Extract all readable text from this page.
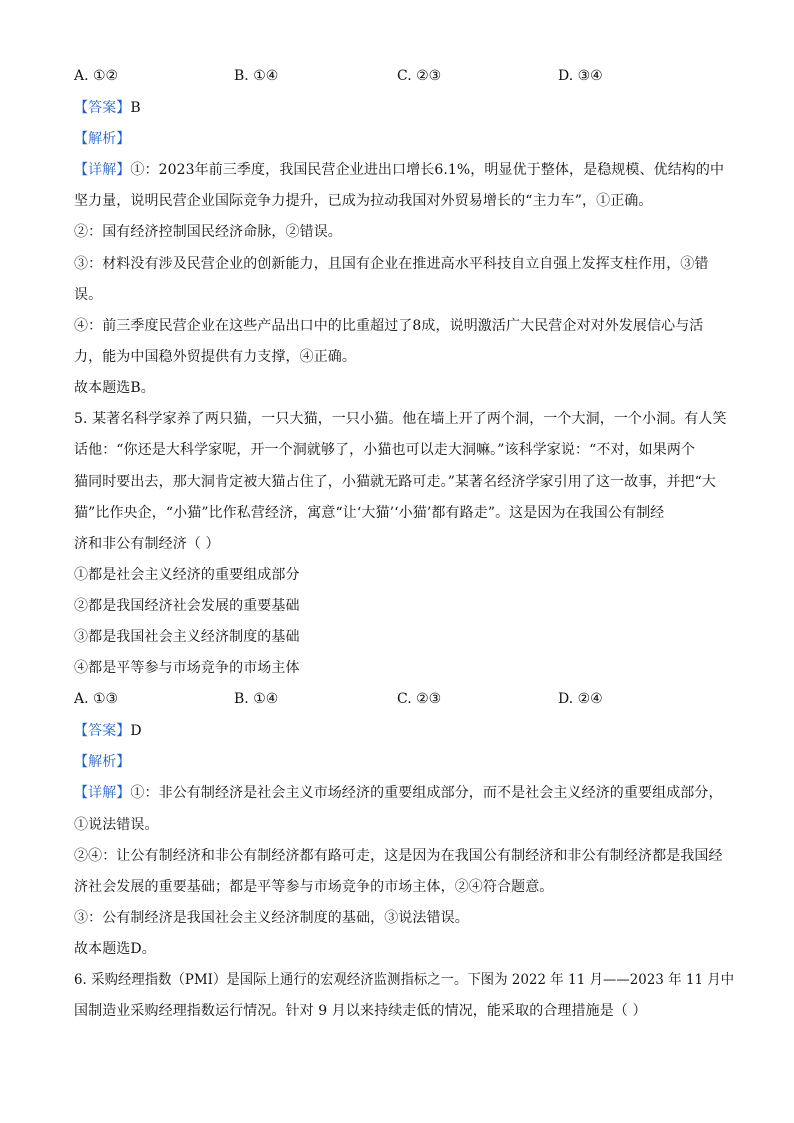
A. ①②	B. ①④	C. ②③	D. ③④
【答案】B
【解析】
【详解】①：2023年前三季度，我国民营企业进出口增长6.1%，明显优于整体，是稳规模、优结构的中
坚力量，说明民营企业国际竞争力提升，已成为拉动我国对外贸易增长的“主力车”，①正确。
②：国有经济控制国民经济命脉，②错误。
③：材料没有涉及民营企业的创新能力，且国有企业在推进高水平科技自立自强上发挥支柱作用，③错
误。
④：前三季度民营企业在这些产品出口中的比重超过了8成，说明激活广大民营企对对外发展信心与活
力，能为中国稳外贸提供有力支撑，④正确。
故本题选B。
5. 某著名科学家养了两只猫，一只大猫，一只小猫。他在墙上开了两个洞，一个大洞，一个小洞。有人笑
话他：“你还是大科学家呢，开一个洞就够了，小猫也可以走大洞嘛。”该科学家说：“不对，如果两个
猫同时要出去，那大洞肯定被大猫占住了，小猫就无路可走。”某著名经济学家引用了这一故事，并把“大
猫”比作央企，“小猫”比作私营经济，寓意“让‘大猫’‘小猫’都有路走”。这是因为在我国公有制经
济和非公有制经济（ ）
①都是社会主义经济的重要组成部分
②都是我国经济社会发展的重要基础
③都是我国社会主义经济制度的基础
④都是平等参与市场竞争的市场主体
A. ①③	B. ①④	C. ②③	D. ②④
【答案】D
【解析】
【详解】①：非公有制经济是社会主义市场经济的重要组成部分，而不是社会主义经济的重要组成部分，
①说法错误。
②④：让公有制经济和非公有制经济都有路可走，这是因为在我国公有制经济和非公有制经济都是我国经
济社会发展的重要基础；都是平等参与市场竞争的市场主体，②④符合题意。
③：公有制经济是我国社会主义经济制度的基础，③说法错误。
故本题选D。
6. 采购经理指数（PMI）是国际上通行的宏观经济监测指标之一。下图为 2022 年 11 月——2023 年 11 月中
国制造业采购经理指数运行情况。针对 9 月以来持续走低的情况，能采取的合理措施是（ ）
